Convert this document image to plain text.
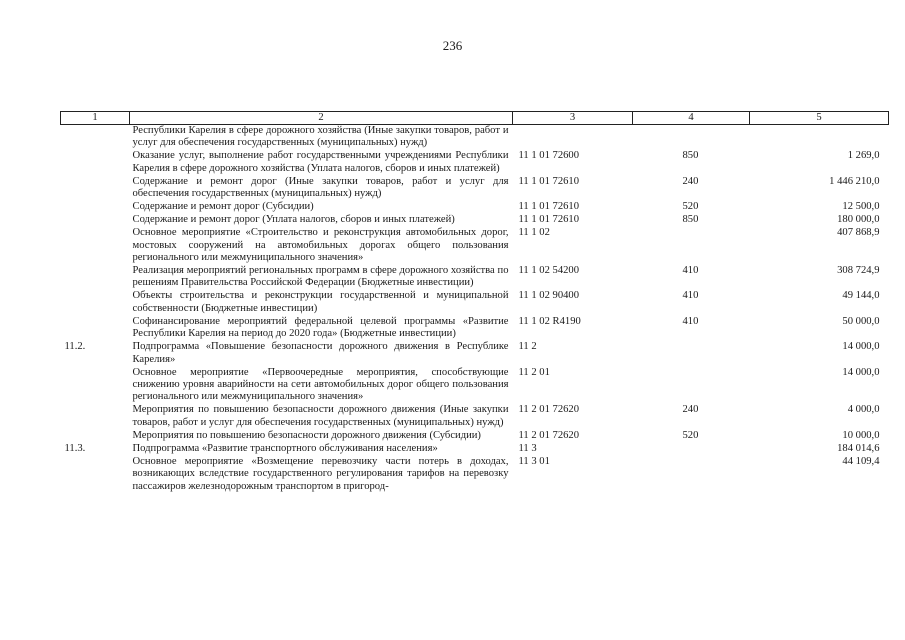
236
1	2	3	4	5
	Республики Карелия в сфере дорожного хозяйства (Иные закупки товаров, работ и услуг для обеспечения государственных (муниципальных) нужд)			
	Оказание услуг, выполнение работ государственными учреждениями Республики Карелия в сфере дорожного хозяйства (Уплата налогов, сборов и иных платежей)	11 1 01 72600	850	1 269,0
	Содержание и ремонт дорог (Иные закупки товаров, работ и услуг для обеспечения государственных (муниципальных) нужд)	11 1 01 72610	240	1 446 210,0
	Содержание и ремонт дорог (Субсидии)	11 1 01 72610	520	12 500,0
	Содержание и ремонт дорог (Уплата налогов, сборов и иных платежей)	11 1 01 72610	850	180 000,0
	Основное мероприятие «Строительство и реконструкция автомобильных дорог, мостовых сооружений на автомобильных дорогах общего пользования регионального или межмуниципального значения»	11 1 02		407 868,9
	Реализация мероприятий региональных программ в сфере дорожного хозяйства по решениям Правительства Российской Федерации (Бюджетные инвестиции)	11 1 02 54200	410	308 724,9
	Объекты строительства и реконструкции государственной и муниципальной собственности (Бюджетные инвестиции)	11 1 02 90400	410	49 144,0
	Софинансирование мероприятий федеральной целевой программы «Развитие Республики Карелия на период до 2020 года» (Бюджетные инвестиции)	11 1 02 R4190	410	50 000,0
11.2.	Подпрограмма «Повышение безопасности дорожного движения в Республике Карелия»	11 2		14 000,0
	Основное мероприятие «Первоочередные мероприятия, способствующие снижению уровня аварийности на сети автомобильных дорог общего пользования регионального или межмуниципального значения»	11 2 01		14 000,0
	Мероприятия по повышению безопасности дорожного движения (Иные закупки товаров, работ и услуг для обеспечения государственных (муниципальных) нужд)	11 2 01 72620	240	4 000,0
	Мероприятия по повышению безопасности дорожного движения (Субсидии)	11 2 01 72620	520	10 000,0
11.3.	Подпрограмма «Развитие транспортного обслуживания населения»	11 3		184 014,6
	Основное мероприятие «Возмещение перевозчику части потерь в доходах, возникающих вследствие государственного регулирования тарифов на перевозку пассажиров железнодорожным транспортом в пригород-	11 3 01		44 109,4
